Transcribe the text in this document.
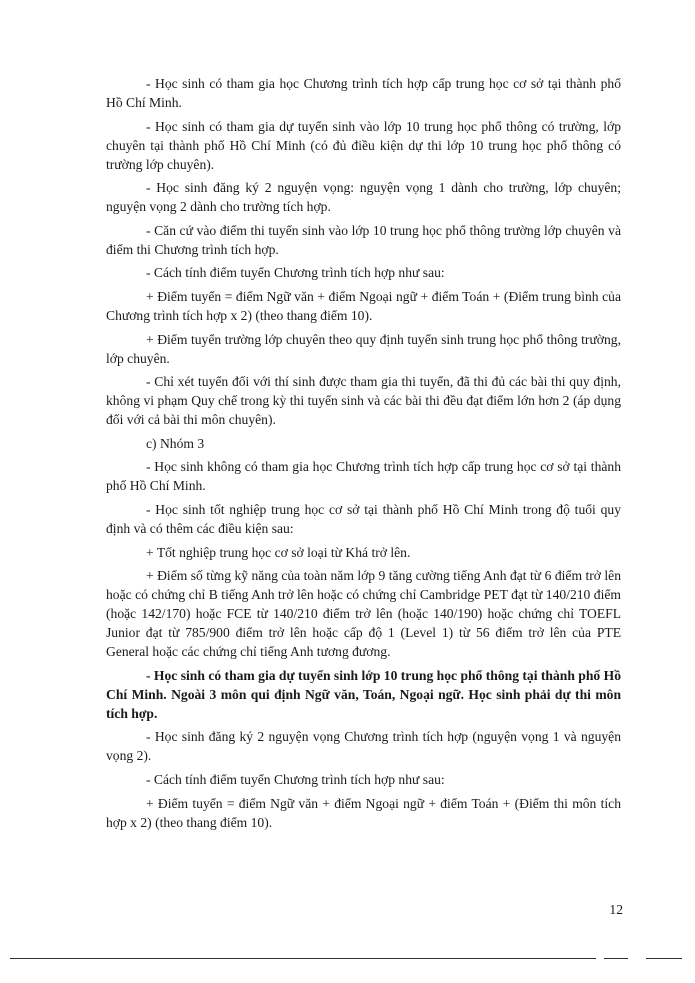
- Học sinh có tham gia học Chương trình tích hợp cấp trung học cơ sở tại thành phố Hồ Chí Minh.

- Học sinh có tham gia dự tuyển sinh vào lớp 10 trung học phổ thông có trường, lớp chuyên tại thành phố Hồ Chí Minh (có đủ điều kiện dự thi lớp 10 trung học phổ thông có trường lớp chuyên).

- Học sinh đăng ký 2 nguyện vọng: nguyện vọng 1 dành cho trường, lớp chuyên; nguyện vọng 2 dành cho trường tích hợp.

- Căn cứ vào điểm thi tuyển sinh vào lớp 10 trung học phổ thông trường lớp chuyên và điểm thi Chương trình tích hợp.

- Cách tính điểm tuyển Chương trình tích hợp như sau:

+ Điểm tuyển = điểm Ngữ văn + điểm Ngoại ngữ + điểm Toán + (Điểm trung bình của Chương trình tích hợp x 2) (theo thang điểm 10).

+ Điểm tuyển trường lớp chuyên theo quy định tuyển sinh trung học phổ thông trường, lớp chuyên.

- Chỉ xét tuyển đối với thí sinh được tham gia thi tuyển, đã thi đủ các bài thi quy định, không vi phạm Quy chế trong kỳ thi tuyển sinh và các bài thi đều đạt điểm lớn hơn 2 (áp dụng đối với cả bài thi môn chuyên).

c) Nhóm 3

- Học sinh không có tham gia học Chương trình tích hợp cấp trung học cơ sở tại thành phố Hồ Chí Minh.

- Học sinh tốt nghiệp trung học cơ sở tại thành phố Hồ Chí Minh trong độ tuổi quy định và có thêm các điều kiện sau:

+ Tốt nghiệp trung học cơ sở loại từ Khá trở lên.

+ Điểm số từng kỹ năng của toàn năm lớp 9 tăng cường tiếng Anh đạt từ 6 điểm trở lên hoặc có chứng chỉ B tiếng Anh trở lên hoặc có chứng chỉ Cambridge PET đạt từ 140/210 điểm (hoặc 142/170) hoặc FCE từ 140/210 điểm trở lên (hoặc 140/190) hoặc chứng chỉ TOEFL Junior đạt từ 785/900 điểm trở lên hoặc cấp độ 1 (Level 1) từ 56 điểm trở lên của PTE General hoặc các chứng chỉ tiếng Anh tương đương.

- Học sinh có tham gia dự tuyển sinh lớp 10 trung học phổ thông tại thành phố Hồ Chí Minh. Ngoài 3 môn qui định Ngữ văn, Toán, Ngoại ngữ. Học sinh phải dự thi môn tích hợp.

- Học sinh đăng ký 2 nguyện vọng Chương trình tích hợp (nguyện vọng 1 và nguyện vọng 2).

- Cách tính điểm tuyển Chương trình tích hợp như sau:

+ Điểm tuyển = điểm Ngữ văn + điểm Ngoại ngữ + điểm Toán + (Điểm thi môn tích hợp x 2) (theo thang điểm 10).

12
